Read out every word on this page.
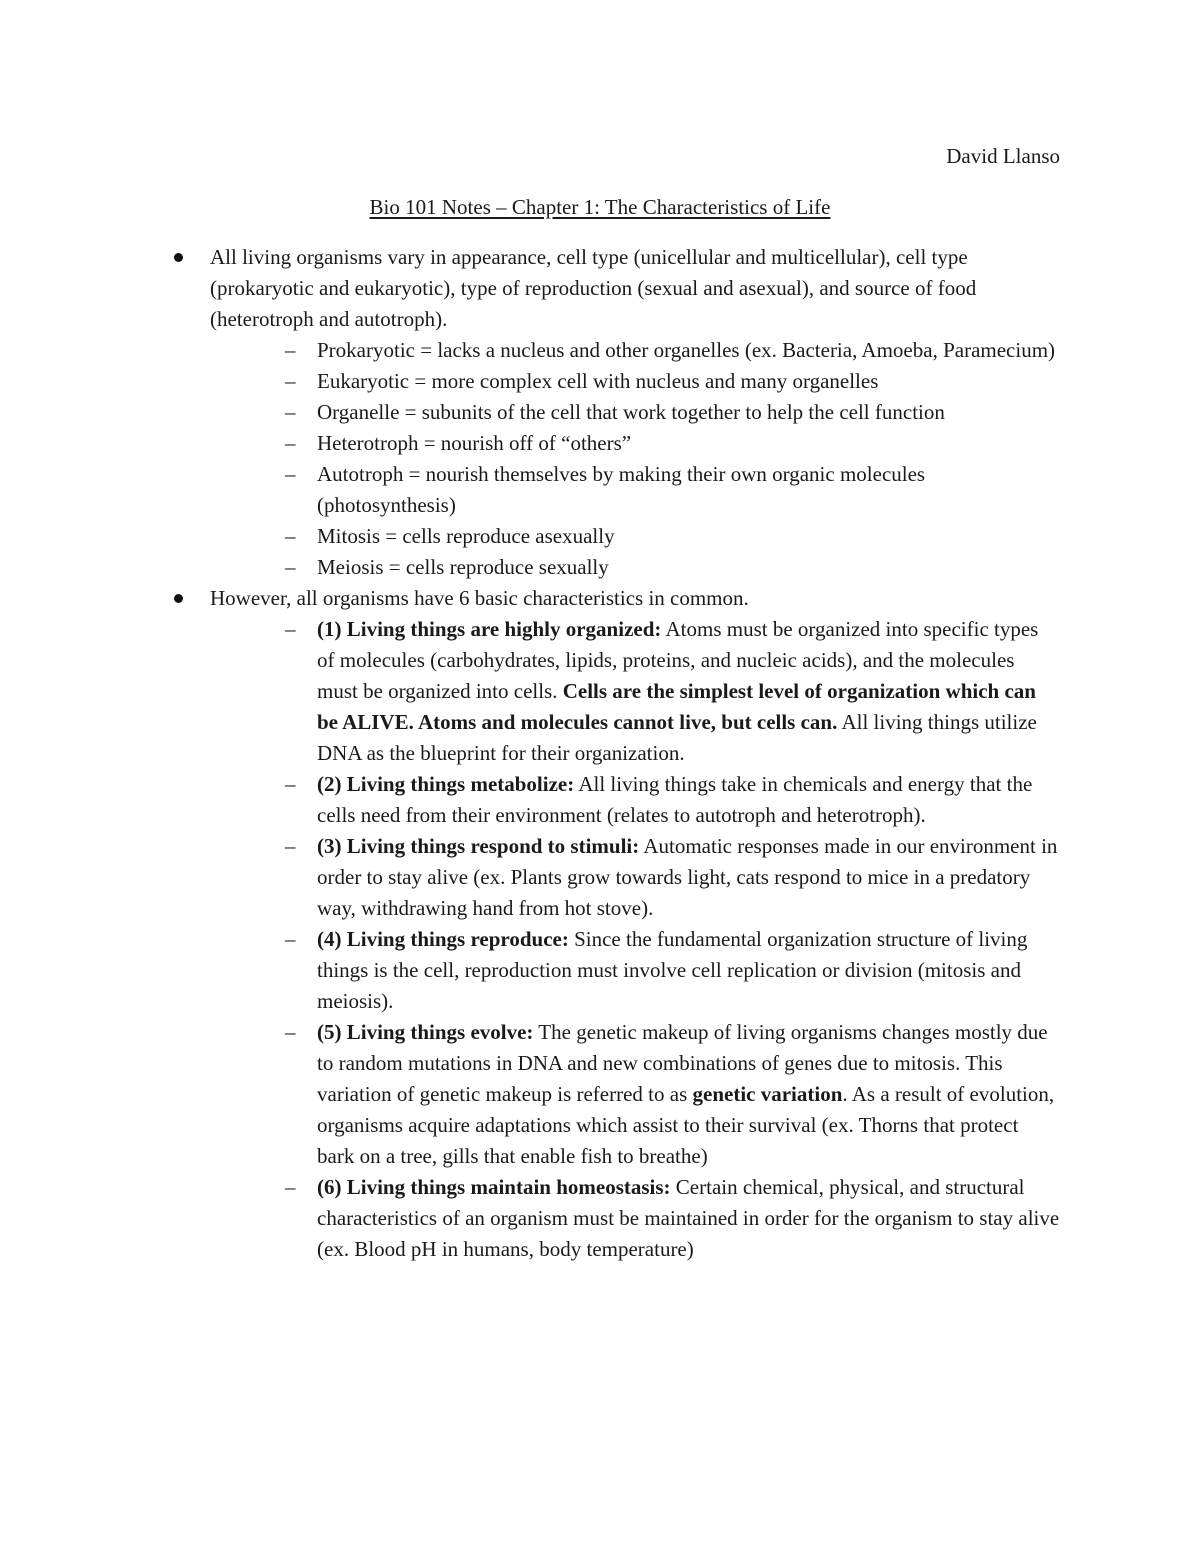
David Llanso
Bio 101 Notes – Chapter 1: The Characteristics of Life
All living organisms vary in appearance, cell type (unicellular and multicellular), cell type (prokaryotic and eukaryotic), type of reproduction (sexual and asexual), and source of food (heterotroph and autotroph).
– Prokaryotic = lacks a nucleus and other organelles (ex. Bacteria, Amoeba, Paramecium)
– Eukaryotic = more complex cell with nucleus and many organelles
– Organelle = subunits of the cell that work together to help the cell function
– Heterotroph = nourish off of “others”
– Autotroph = nourish themselves by making their own organic molecules (photosynthesis)
– Mitosis = cells reproduce asexually
– Meiosis = cells reproduce sexually
However, all organisms have 6 basic characteristics in common.
– (1) Living things are highly organized: Atoms must be organized into specific types of molecules (carbohydrates, lipids, proteins, and nucleic acids), and the molecules must be organized into cells. Cells are the simplest level of organization which can be ALIVE. Atoms and molecules cannot live, but cells can. All living things utilize DNA as the blueprint for their organization.
– (2) Living things metabolize: All living things take in chemicals and energy that the cells need from their environment (relates to autotroph and heterotroph).
– (3) Living things respond to stimuli: Automatic responses made in our environment in order to stay alive (ex. Plants grow towards light, cats respond to mice in a predatory way, withdrawing hand from hot stove).
– (4) Living things reproduce: Since the fundamental organization structure of living things is the cell, reproduction must involve cell replication or division (mitosis and meiosis).
– (5) Living things evolve: The genetic makeup of living organisms changes mostly due to random mutations in DNA and new combinations of genes due to mitosis. This variation of genetic makeup is referred to as genetic variation. As a result of evolution, organisms acquire adaptations which assist to their survival (ex. Thorns that protect bark on a tree, gills that enable fish to breathe)
– (6) Living things maintain homeostasis: Certain chemical, physical, and structural characteristics of an organism must be maintained in order for the organism to stay alive (ex. Blood pH in humans, body temperature)
